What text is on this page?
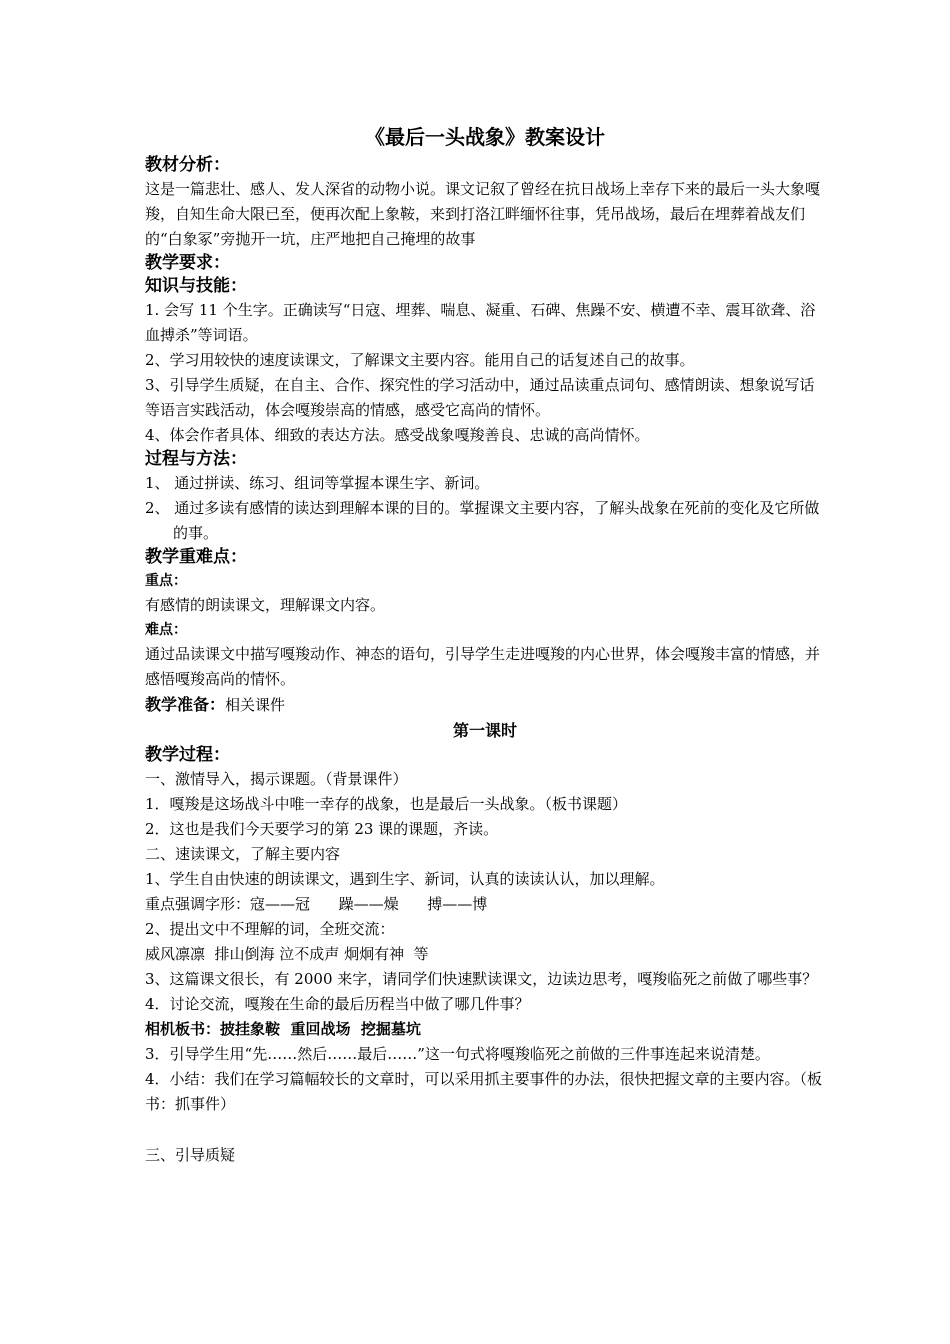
《最后一头战象》教案设计
教材分析：

这是一篇悲壮、感人、发人深省的动物小说。课文记叙了曾经在抗日战场上幸存下来的最后一头大象嘎羧，自知生命大限已至，便再次配上象鞍，来到打洛江畔缅怀往事，凭吊战场，最后在埋葬着战友们的“白象冢”旁抛开一坑，庄严地把自己掩埋的故事

教学要求：
知识与技能：

1. 会写 11 个生字。正确读写“日寇、埋葬、喘息、凝重、石碑、焦躁不安、横遭不幸、震耳欲聋、浴血搏杀”等词语。

2、学习用较快的速度读课文，了解课文主要内容。能用自己的话复述自己的故事。

3、引导学生质疑，在自主、合作、探究性的学习活动中，通过品读重点词句、感情朗读、想象说写话等语言实践活动，体会嘎羧崇高的情感，感受它高尚的情怀。

4、体会作者具体、细致的表达方法。感受战象嘎羧善良、忠诚的高尚情怀。

过程与方法：

1、 通过拼读、练习、组词等掌握本课生字、新词。

2、 通过多读有感情的读达到理解本课的目的。掌握课文主要内容，了解头战象在死前的变化及它所做的事。

教学重难点：
重点：

有感情的朗读课文，理解课文内容。

难点：

通过品读课文中描写嘎羧动作、神态的语句，引导学生走进嘎羧的内心世界，体会嘎羧丰富的情感，并感悟嘎羧高尚的情怀。

教学准备：相关课件

第一课时
教学过程：

一、激情导入，揭示课题。（背景课件）

1．嘎羧是这场战斗中唯一幸存的战象，也是最后一头战象。（板书课题）

2．这也是我们今天要学习的第 23 课的课题，齐读。

二、速读课文，了解主要内容

1、学生自由快速的朗读课文，遇到生字、新词，认真的读读认认，加以理解。

重点强调字形：寇——冠      躁——燥      搏——博

2、提出文中不理解的词，全班交流：

威风凛凛  排山倒海 泣不成声 炯炯有神  等

3、这篇课文很长，有 2000 来字，请同学们快速默读课文，边读边思考，嘎羧临死之前做了哪些事？

4．讨论交流，嘎羧在生命的最后历程当中做了哪几件事？

相机板书：披挂象鞍  重回战场  挖掘墓坑

3．引导学生用“先……然后……最后……”这一句式将嘎羧临死之前做的三件事连起来说清楚。

4．小结：我们在学习篇幅较长的文章时，可以采用抓主要事件的办法，很快把握文章的主要内容。（板书：抓事件）

三、引导质疑
